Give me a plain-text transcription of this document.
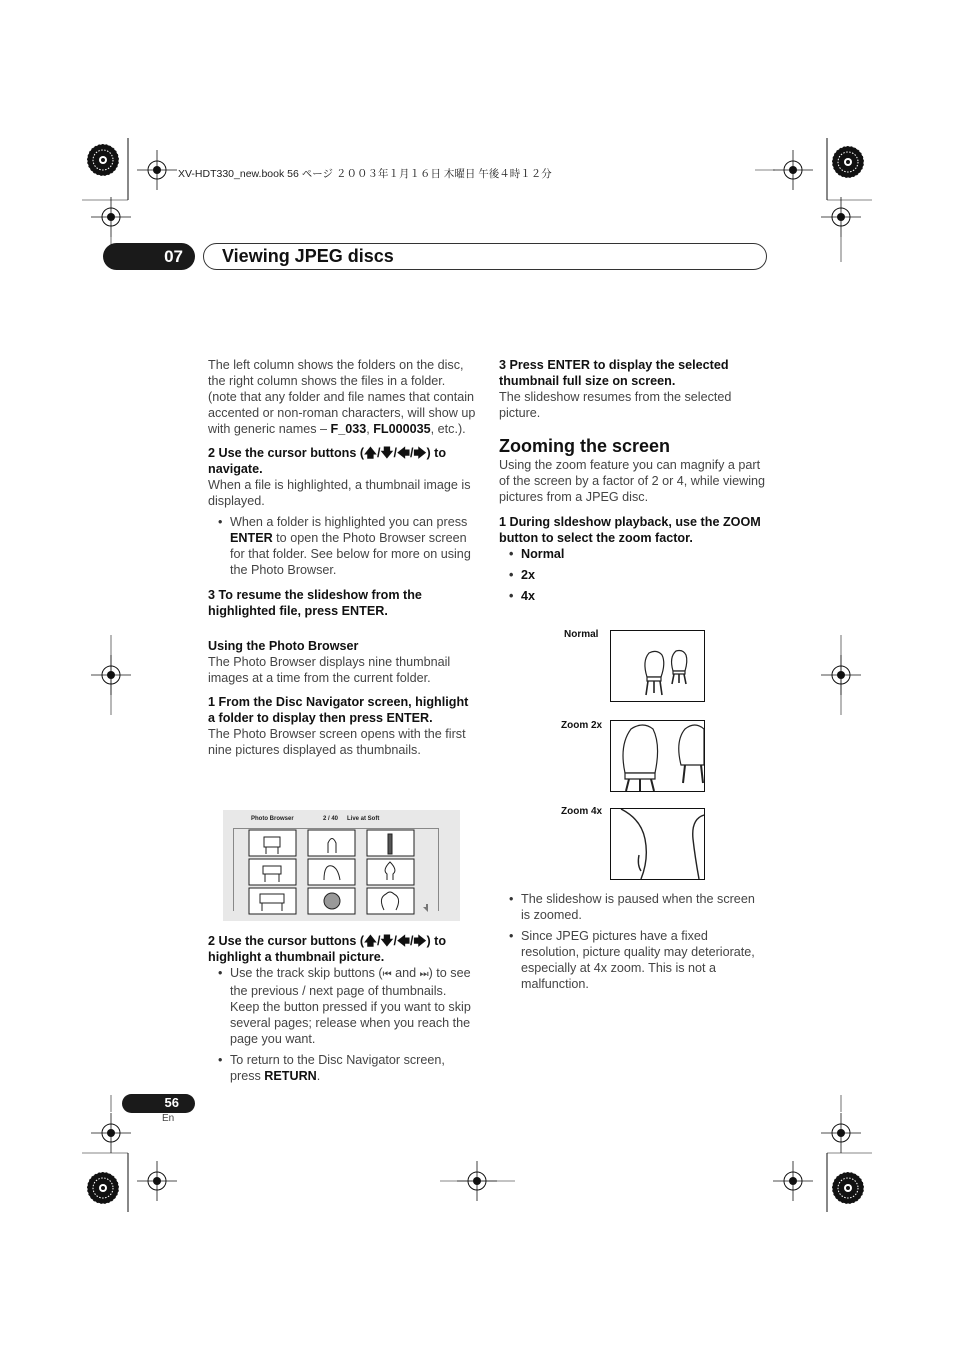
XV-HDT330_new.book 56 ページ ２００３年１月１６日 木曜日 午後４時１２分
07 Viewing JPEG discs

The left column shows the folders on the disc, the right column shows the files in a folder. (note that any folder and file names that contain accented or non-roman characters, will show up with generic names – F_033, FL000035, etc.).

2 Use the cursor buttons (🡅/🡇/🡄/🡆) to navigate.

When a file is highlighted, a thumbnail image is displayed.

• When a folder is highlighted you can press ENTER to open the Photo Browser screen for that folder. See below for more on using the Photo Browser.

3 To resume the slideshow from the highlighted file, press ENTER.

Using the Photo Browser

The Photo Browser displays nine thumbnail images at a time from the current folder.

1 From the Disc Navigator screen, highlight a folder to display then press ENTER.

The Photo Browser screen opens with the first nine pictures displayed as thumbnails.

Photo Browser	2 / 40 Live at Soft

2 Use the cursor buttons (🡅/🡇/🡄/🡆) to highlight a thumbnail picture.

• Use the track skip buttons (⏮ and ⏭) to see the previous / next page of thumbnails. Keep the button pressed if you want to skip several pages; release when you reach the page you want.

• To return to the Disc Navigator screen, press RETURN.

3 Press ENTER to display the selected thumbnail full size on screen.

The slideshow resumes from the selected picture.

Zooming the screen

Using the zoom feature you can magnify a part of the screen by a factor of 2 or 4, while viewing pictures from a JPEG disc.

1 During sldeshow playback, use the ZOOM button to select the zoom factor.

• Normal

• 2x

• 4x

Normal
Zoom 2x
Zoom 4x

• The slideshow is paused when the screen is zoomed.

• Since JPEG pictures have a fixed resolution, picture quality may deteriorate, especially at 4x zoom. This is not a malfunction.

56
En
